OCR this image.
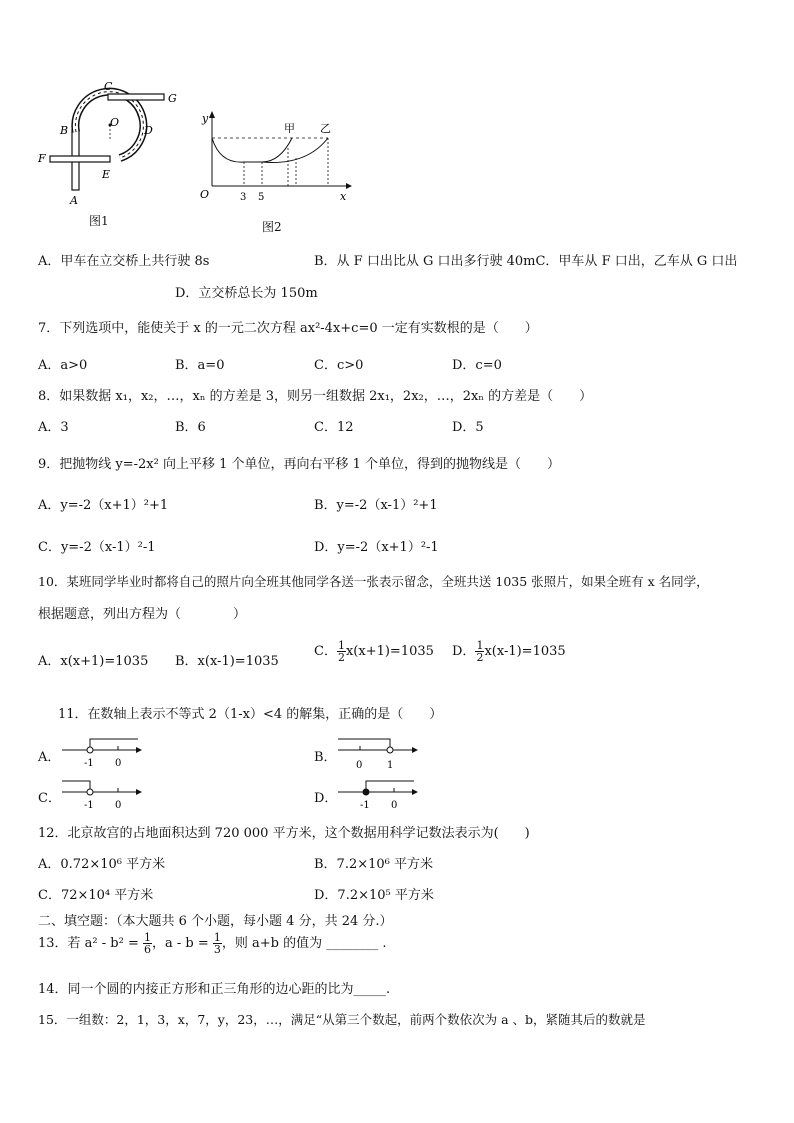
C
G
B
O
D
F
E
A
图1
y
x
O	3 5
甲 乙
图2
A．甲车在立交桥上共行驶 8s	B．从 F 口出比从 G 口出多行驶 40mC．甲车从 F 口出，乙车从 G 口出
D．立交桥总长为 150m
7．下列选项中，能使关于 x 的一元二次方程 ax²-4x+c=0 一定有实数根的是（　　）
A．a>0	B．a=0	C．c>0	D．c=0
8．如果数据 x₁，x₂，…，xₙ 的方差是 3，则另一组数据 2x₁，2x₂，…，2xₙ 的方差是（　　）
A．3	B．6	C．12	D．5
9．把抛物线 y=-2x² 向上平移 1 个单位，再向右平移 1 个单位，得到的抛物线是（　　）
A．y=-2（x+1）²+1	B．y=-2（x-1）²+1
C．y=-2（x-1）²-1	D．y=-2（x+1）²-1
10．某班同学毕业时都将自己的照片向全班其他同学各送一张表示留念，全班共送 1035 张照片，如果全班有 x 名同学，
根据题意，列出方程为（　　　　）
A．x(x+1)=1035 B．x(x-1)=1035
C． $\frac{1}{2} x(x+1)=1035$ D． $\frac{1}{2} x(x-1)=1035$
11．在数轴上表示不等式 2（1-x）<4 的解集，正确的是（　　）
A． -1 0	B．
0 1
C． -1 0	D． -1 0
12．北京故宫的占地面积达到 720 000 平方米，这个数据用科学记数法表示为(　　)
A．0.72×10⁶ 平方米	B．7.2×10⁶ 平方米
C．72×10⁴ 平方米	D．7.2×10⁵ 平方米
二、填空题：（本大题共 6 个小题，每小题 4 分，共 24 分.）
13．若 $a^2 - b^2 = \frac{1}{6}$ ，$a - b = \frac{1}{3}$ ，则 a+b 的值为 ________ .
14．同一个圆的内接正方形和正三角形的边心距的比为_____.
15．一组数：2，1，3，x，7，y，23，…，满足“从第三个数起，前两个数依次为 a 、b，紧随其后的数就是
